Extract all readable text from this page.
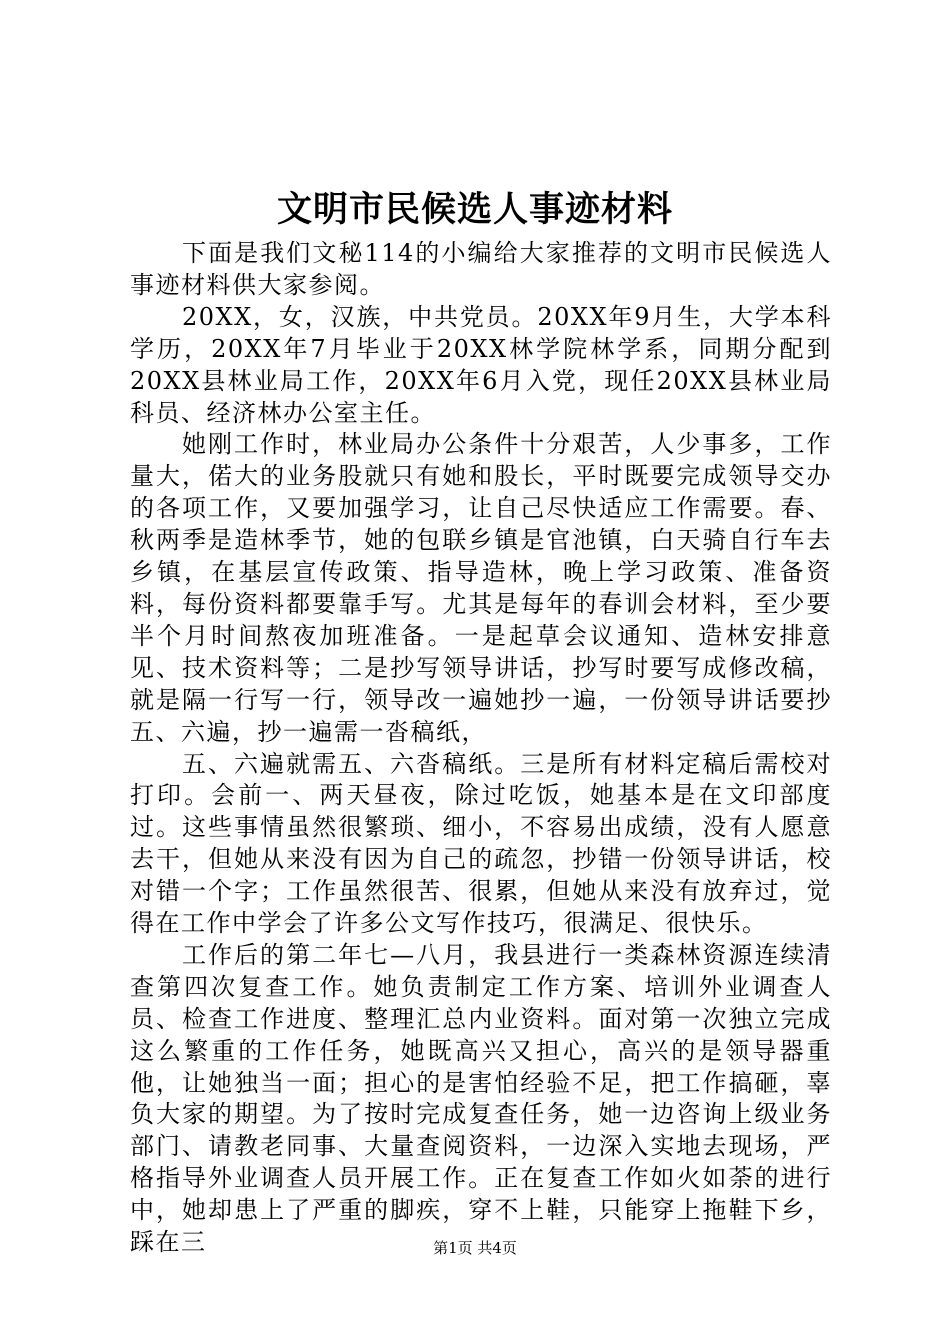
文明市民候选人事迹材料

下面是我们文秘114的小编给大家推荐的文明市民候选人事迹材料供大家参阅。

20XX，女，汉族，中共党员。20XX年9月生，大学本科学历，20XX年7月毕业于20XX林学院林学系，同期分配到20XX县林业局工作，20XX年6月入党，现任20XX县林业局科员、经济林办公室主任。

她刚工作时，林业局办公条件十分艰苦，人少事多，工作量大，偌大的业务股就只有她和股长，平时既要完成领导交办的各项工作，又要加强学习，让自己尽快适应工作需要。春、秋两季是造林季节，她的包联乡镇是官池镇，白天骑自行车去乡镇，在基层宣传政策、指导造林，晚上学习政策、准备资料，每份资料都要靠手写。尤其是每年的春训会材料，至少要半个月时间熬夜加班准备。一是起草会议通知、造林安排意见、技术资料等；二是抄写领导讲话，抄写时要写成修改稿，就是隔一行写一行，领导改一遍她抄一遍，一份领导讲话要抄五、六遍，抄一遍需一沓稿纸，

五、六遍就需五、六沓稿纸。三是所有材料定稿后需校对打印。会前一、两天昼夜，除过吃饭，她基本是在文印部度过。这些事情虽然很繁琐、细小，不容易出成绩，没有人愿意去干，但她从来没有因为自己的疏忽，抄错一份领导讲话，校对错一个字；工作虽然很苦、很累，但她从来没有放弃过，觉得在工作中学会了许多公文写作技巧，很满足、很快乐。

工作后的第二年七—八月，我县进行一类森林资源连续清查第四次复查工作。她负责制定工作方案、培训外业调查人员、检查工作进度、整理汇总内业资料。面对第一次独立完成这么繁重的工作任务，她既高兴又担心，高兴的是领导器重他，让她独当一面；担心的是害怕经验不足，把工作搞砸，辜负大家的期望。为了按时完成复查任务，她一边咨询上级业务部门、请教老同事、大量查阅资料，一边深入实地去现场，严格指导外业调查人员开展工作。正在复查工作如火如荼的进行中，她却患上了严重的脚疾，穿不上鞋，只能穿上拖鞋下乡，踩在三	第1页 共4页
